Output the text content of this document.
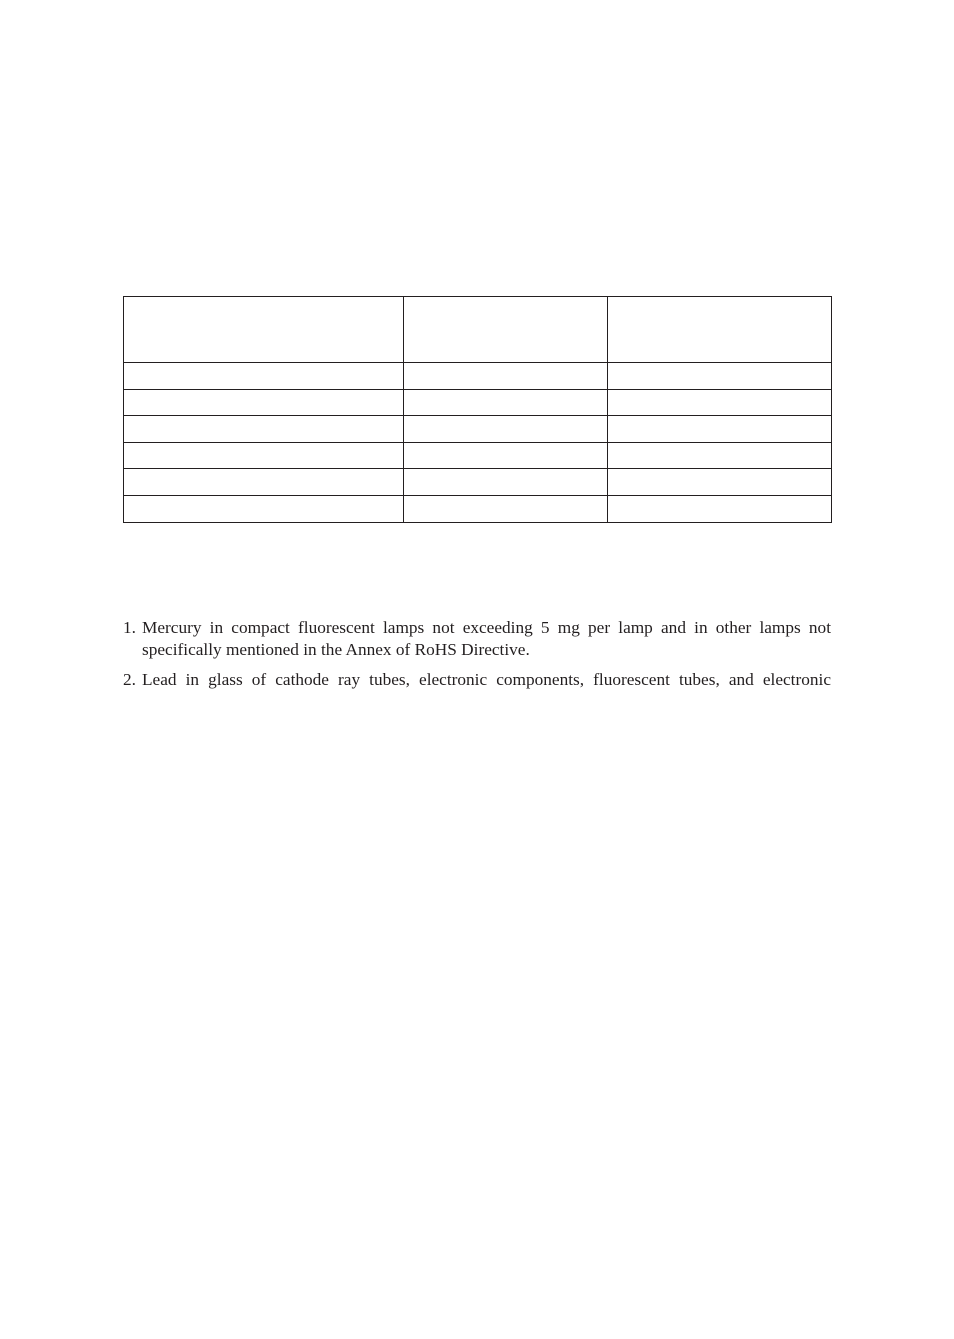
1. Mercury in compact fluorescent lamps not exceeding 5 mg per lamp and in other lamps not specifically mentioned in the Annex of RoHS Directive.
2. Lead in glass of cathode ray tubes, electronic components, fluorescent tubes, and electronic
